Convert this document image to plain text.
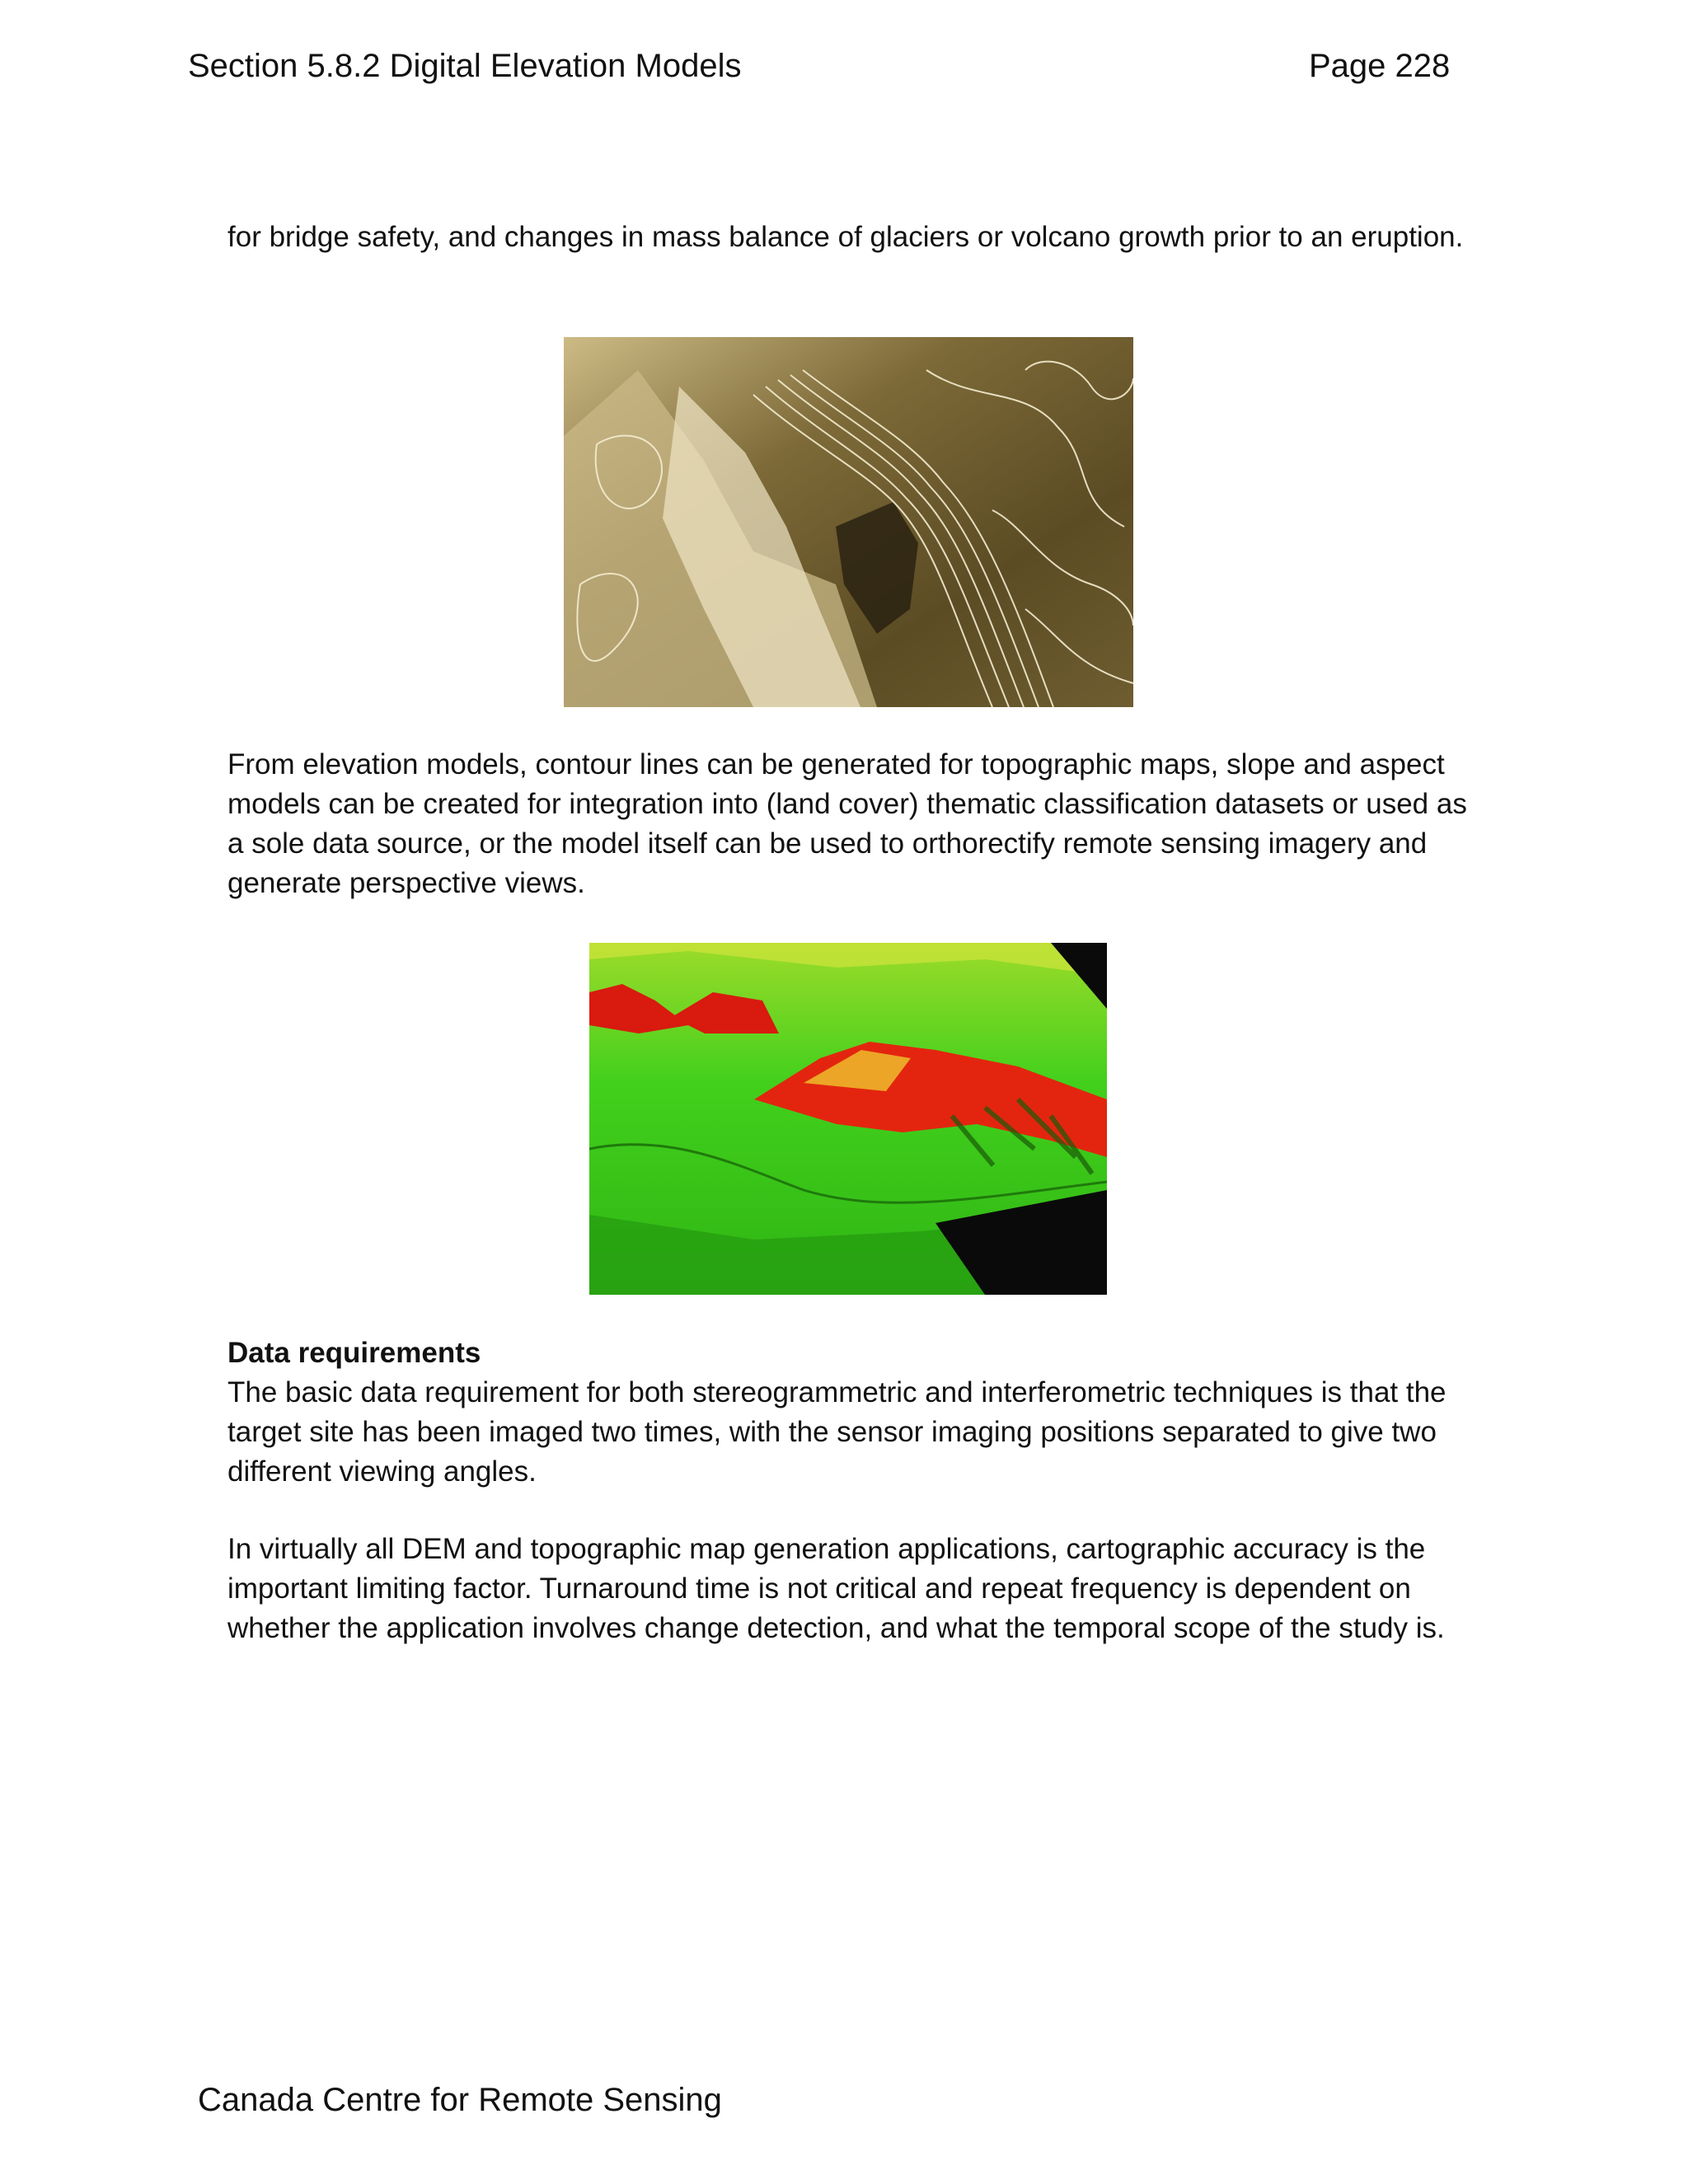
Section 5.8.2 Digital Elevation Models	Page 228

for bridge safety, and changes in mass balance of glaciers or volcano growth prior to an eruption.

From elevation models, contour lines can be generated for topographic maps, slope and aspect models can be created for integration into (land cover) thematic classification datasets or used as a sole data source, or the model itself can be used to orthorectify remote sensing imagery and generate perspective views.

Data requirements

The basic data requirement for both stereogrammetric and interferometric techniques is that the target site has been imaged two times, with the sensor imaging positions separated to give two different viewing angles.

In virtually all DEM and topographic map generation applications, cartographic accuracy is the important limiting factor. Turnaround time is not critical and repeat frequency is dependent on whether the application involves change detection, and what the temporal scope of the study is.

Canada Centre for Remote Sensing
